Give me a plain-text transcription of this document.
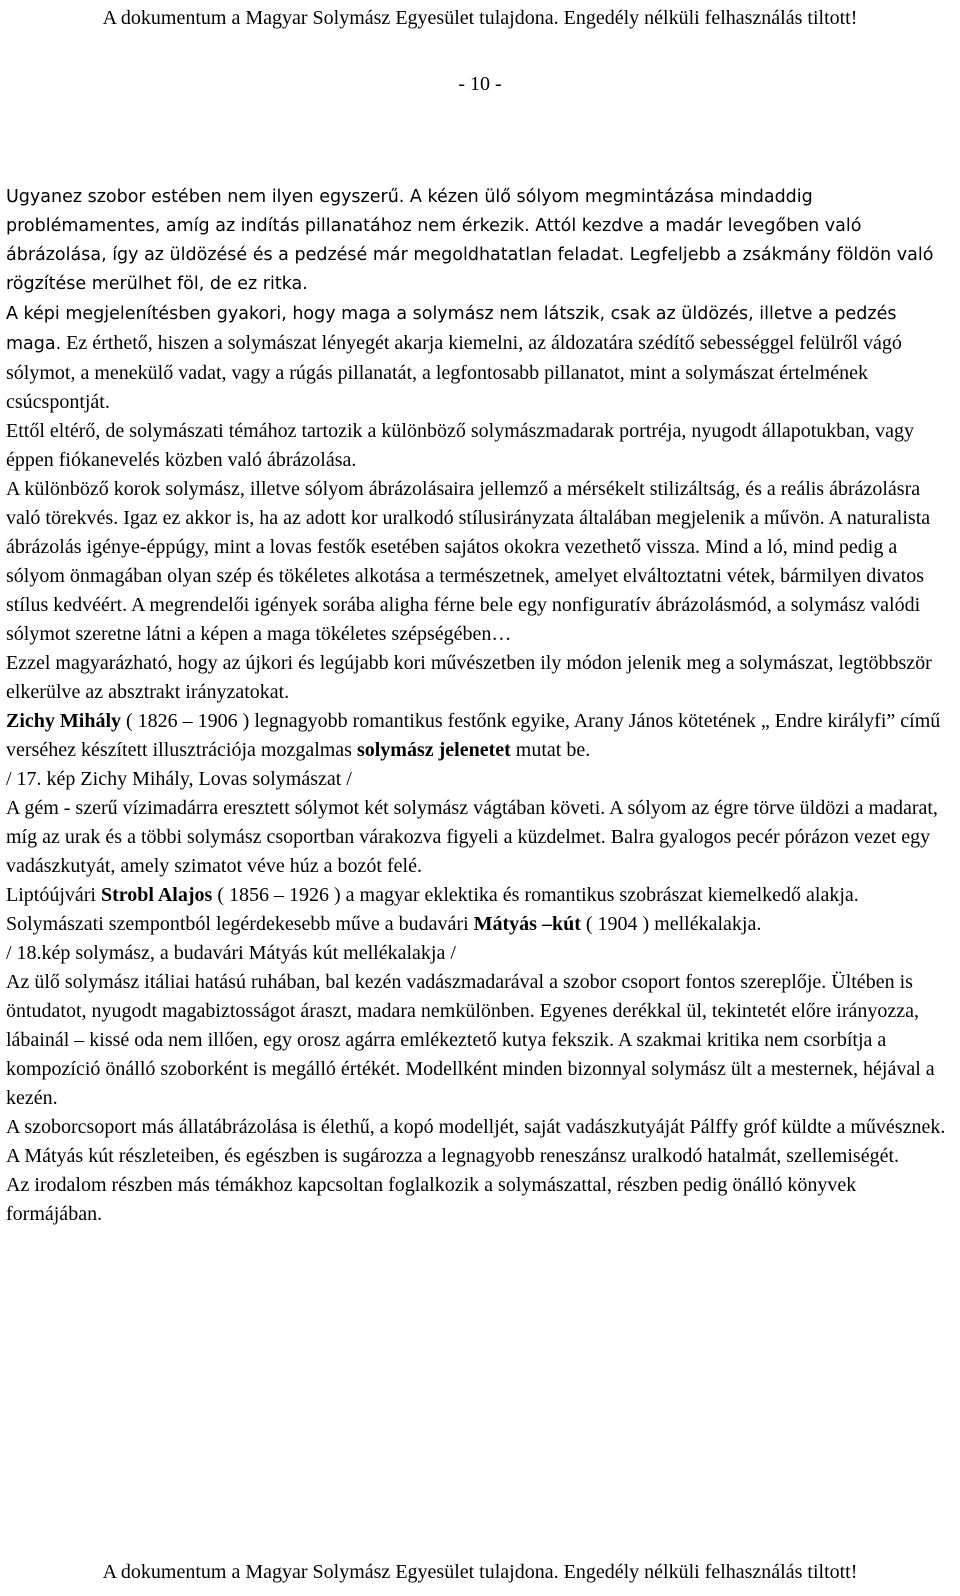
A dokumentum a Magyar Solymász Egyesület tulajdona. Engedély nélküli felhasználás tiltott!
- 10 -

Ugyanez szobor estében nem ilyen egyszerű. A kézen ülő sólyom megmintázása mindaddig problémamentes, amíg az indítás pillanatához nem érkezik. Attól kezdve a madár levegőben való ábrázolása, így az üldözésé és a pedzésé már megoldhatatlan feladat. Legfeljebb a zsákmány földön való rögzítése merülhet föl, de ez ritka.

A képi megjelenítésben gyakori, hogy maga a solymász nem látszik, csak az üldözés, illetve a pedzés maga. Ez érthető, hiszen a solymászat lényegét akarja kiemelni, az áldozatára szédítő sebességgel felülről vágó sólymot, a menekülő vadat, vagy a rúgás pillanatát, a legfontosabb pillanatot, mint a solymászat értelmének csúcspontját.

Ettől eltérő, de solymászati témához tartozik a különböző solymászmadarak portréja, nyugodt állapotukban, vagy éppen fiókanevelés közben való ábrázolása.

A különböző korok solymász, illetve sólyom ábrázolásaira jellemző a mérsékelt stilizáltság, és a reális ábrázolásra való törekvés. Igaz ez akkor is, ha az adott kor uralkodó stílusirányzata általában megjelenik a művön. A naturalista ábrázolás igénye-éppúgy, mint a lovas festők esetében sajátos okokra vezethető vissza. Mind a ló, mind pedig a sólyom önmagában olyan szép és tökéletes alkotása a természetnek, amelyet elváltoztatni vétek, bármilyen divatos stílus kedvéért. A megrendelői igények sorába aligha férne bele egy nonfiguratív ábrázolásmód, a solymász valódi sólymot szeretne látni a képen a maga tökéletes szépségében…

Ezzel magyarázható, hogy az újkori és legújabb kori művészetben ily módon jelenik meg a solymászat, legtöbbször elkerülve az absztrakt irányzatokat.

Zichy Mihály ( 1826 – 1906 ) legnagyobb romantikus festőnk egyike, Arany János kötetének „ Endre királyfi” című verséhez készített illusztrációja mozgalmas solymász jelenetet mutat be.

/ 17. kép Zichy Mihály, Lovas solymászat /

A gém - szerű vízimadárra eresztett sólymot két solymász vágtában követi. A sólyom az égre törve üldözi a madarat, míg az urak és a többi solymász csoportban várakozva figyeli a küzdelmet. Balra gyalogos pecér pórázon vezet egy vadászkutyát, amely szimatot véve húz a bozót felé.

Liptóújvári Strobl Alajos ( 1856 – 1926 ) a magyar eklektika és romantikus szobrászat kiemelkedő alakja. Solymászati szempontból legérdekesebb műve a budavári Mátyás –kút ( 1904 ) mellékalakja.

/ 18.kép solymász, a budavári Mátyás kút mellékalakja /

Az ülő solymász itáliai hatású ruhában, bal kezén vadászmadarával a szobor csoport fontos szereplője. Ültében is öntudatot, nyugodt magabiztosságot áraszt, madara nemkülönben. Egyenes derékkal ül, tekintetét előre irányozza, lábainál – kissé oda nem illően, egy orosz agárra emlékeztető kutya fekszik. A szakmai kritika nem csorbítja a kompozíció önálló szoborként is megálló értékét. Modellként minden bizonnyal solymász ült a mesternek, héjával a kezén.

A szoborcsoport más állatábrázolása is élethű, a kopó modelljét, saját vadászkutyáját Pálffy gróf küldte a művésznek. A Mátyás kút részleteiben, és egészben is sugározza a legnagyobb reneszánsz uralkodó hatalmát, szellemiségét.

Az irodalom részben más témákhoz kapcsoltan foglalkozik a solymászattal, részben pedig önálló könyvek formájában.

A dokumentum a Magyar Solymász Egyesület tulajdona. Engedély nélküli felhasználás tiltott!
